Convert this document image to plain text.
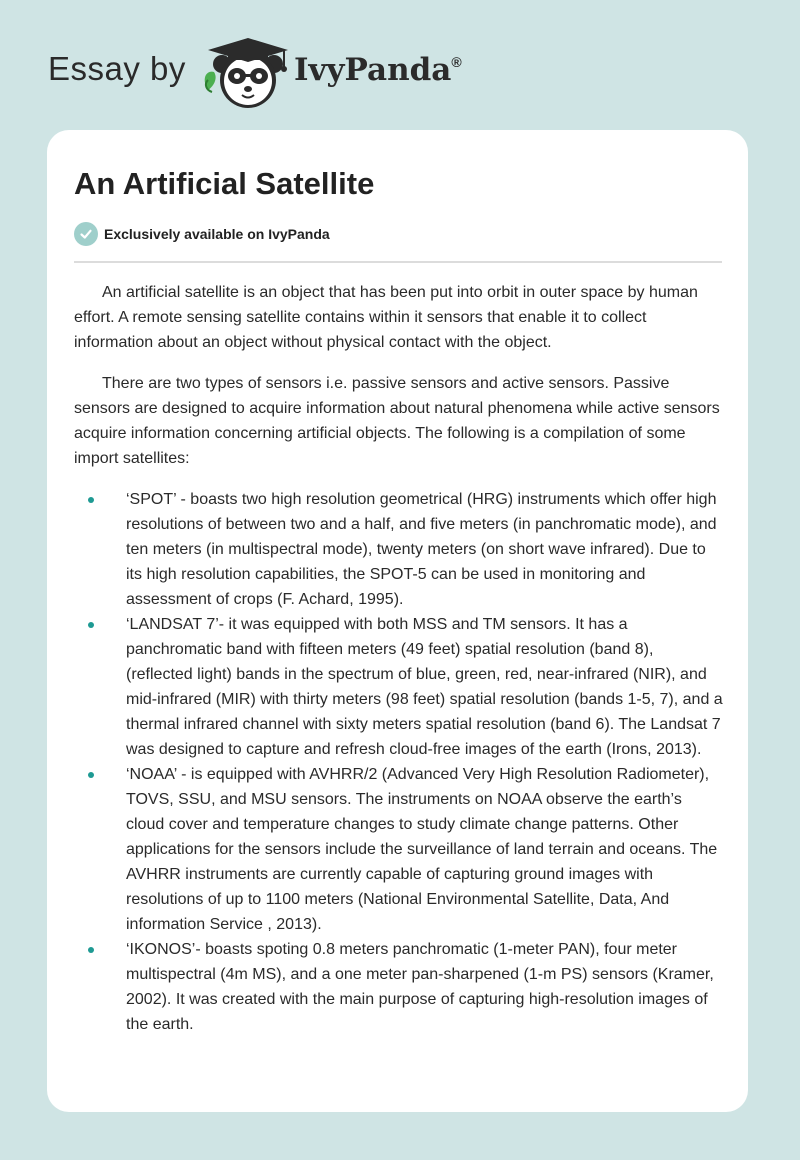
Essay by	IvyPanda®
An Artificial Satellite
Exclusively available on IvyPanda

An artificial satellite is an object that has been put into orbit in outer space by human effort. A remote sensing satellite contains within it sensors that enable it to collect information about an object without physical contact with the object.

There are two types of sensors i.e. passive sensors and active sensors. Passive sensors are designed to acquire information about natural phenomena while active sensors acquire information concerning artificial objects. The following is a compilation of some import satellites:

‘SPOT’ - boasts two high resolution geometrical (HRG) instruments which offer high resolutions of between two and a half, and five meters (in panchromatic mode), and ten meters (in multispectral mode), twenty meters (on short wave infrared). Due to its high resolution capabilities, the SPOT-5 can be used in monitoring and assessment of crops (F. Achard, 1995).
‘LANDSAT 7’- it was equipped with both MSS and TM sensors. It has a panchromatic band with fifteen meters (49 feet) spatial resolution (band 8), (reflected light) bands in the spectrum of blue, green, red, near-infrared (NIR), and mid-infrared (MIR) with thirty meters (98 feet) spatial resolution (bands 1-5, 7), and a thermal infrared channel with sixty meters spatial resolution (band 6). The Landsat 7 was designed to capture and refresh cloud-free images of the earth (Irons, 2013).
‘NOAA’ - is equipped with AVHRR/2 (Advanced Very High Resolution Radiometer), TOVS, SSU, and MSU sensors. The instruments on NOAA observe the earth’s cloud cover and temperature changes to study climate change patterns. Other applications for the sensors include the surveillance of land terrain and oceans. The AVHRR instruments are currently capable of capturing ground images with resolutions of up to 1100 meters (National Environmental Satellite, Data, And information Service , 2013).
‘IKONOS’- boasts spoting 0.8 meters panchromatic (1-meter PAN), four meter multispectral (4m MS), and a one meter pan-sharpened (1-m PS) sensors (Kramer, 2002). It was created with the main purpose of capturing high-resolution images of the earth.
